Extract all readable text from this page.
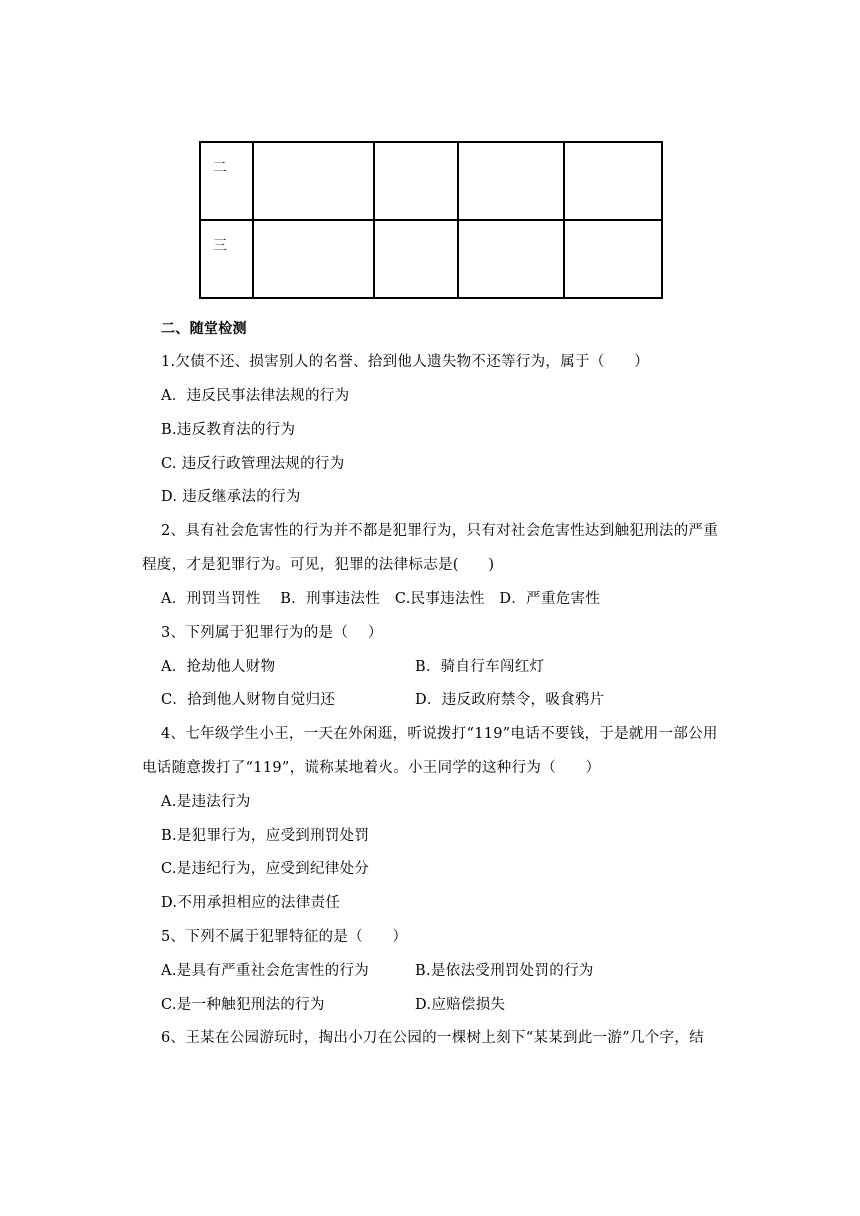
二				
三				
二、随堂检测
1.欠债不还、损害别人的名誉、拾到他人遗失物不还等行为，属于（　　）
A．违反民事法律法规的行为
B.违反教育法的行为
C. 违反行政管理法规的行为
D. 违反继承法的行为
2、具有社会危害性的行为并不都是犯罪行为，只有对社会危害性达到触犯刑法的严重
程度，才是犯罪行为。可见，犯罪的法律标志是(　　)
A．刑罚当罚性　 B．刑事违法性　C.民事违法性　D．严重危害性
3、下列属于犯罪行为的是（　 ）
A．抢劫他人财物	B．骑自行车闯红灯
C．拾到他人财物自觉归还	D．违反政府禁令，吸食鸦片
4、七年级学生小王，一天在外闲逛，听说拨打“119”电话不要钱，于是就用一部公用
电话随意拨打了“119”，谎称某地着火。小王同学的这种行为（　　）
A.是违法行为
B.是犯罪行为，应受到刑罚处罚
C.是违纪行为，应受到纪律处分
D.不用承担相应的法律责任
5、下列不属于犯罪特征的是（　　）
A.是具有严重社会危害性的行为	B.是依法受刑罚处罚的行为
C.是一种触犯刑法的行为	D.应赔偿损失
6、王某在公园游玩时，掏出小刀在公园的一棵树上刻下“某某到此一游”几个字，结
